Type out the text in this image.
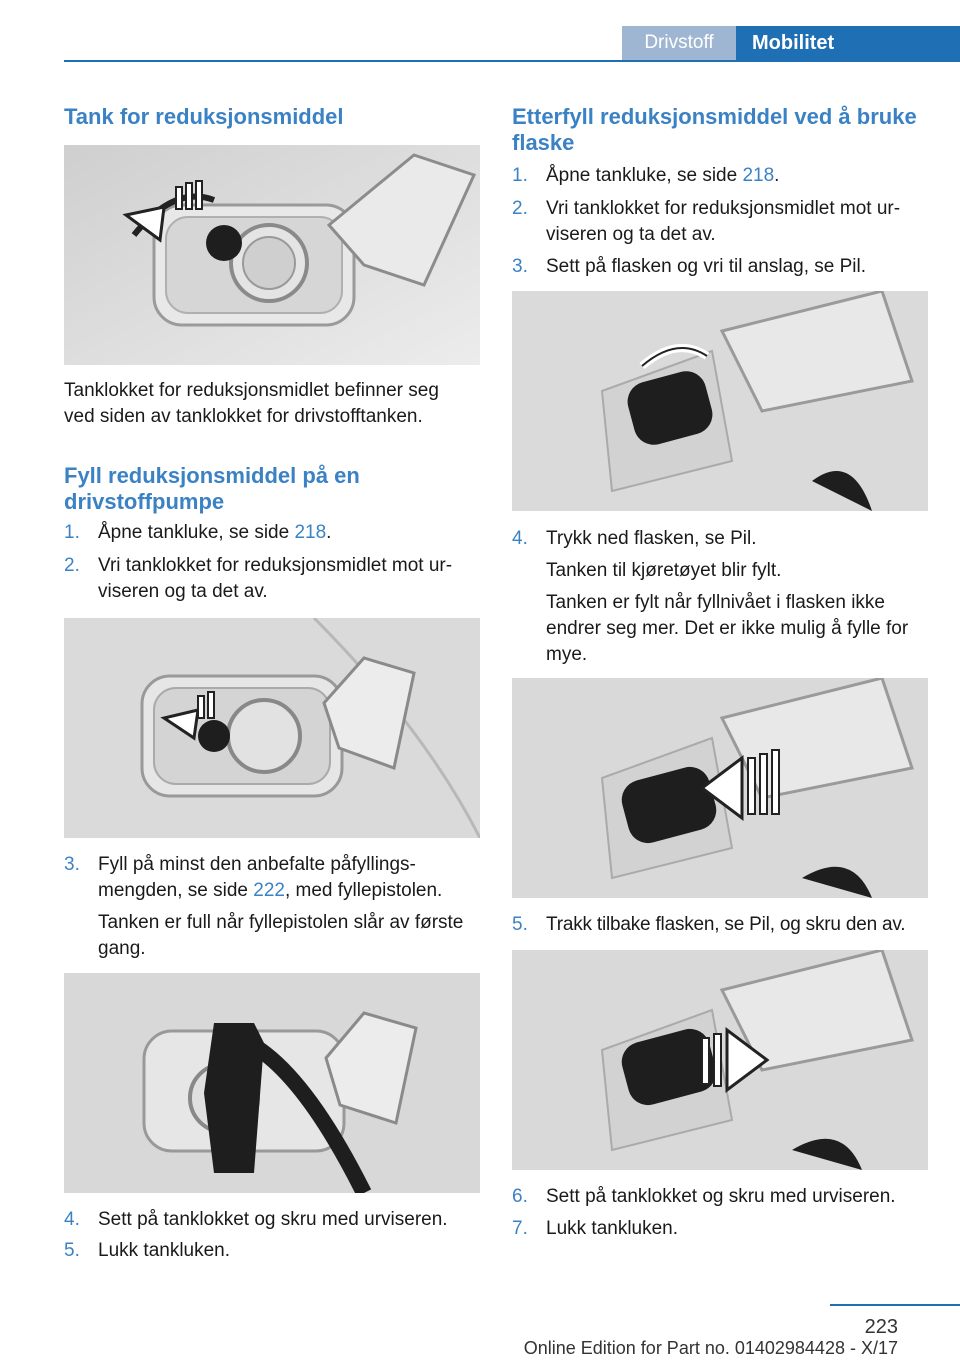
Drivstoff	Mobilitet
Tank for reduksjonsmiddel
Tanklokket for reduksjonsmidlet befinner seg
ved siden av tanklokket for drivstofftanken.
Fyll reduksjonsmiddel på en
drivstoffpumpe
1. Åpne tankluke, se side 218.
2. Vri tanklokket for reduksjonsmidlet mot ur-
viseren og ta det av.
3. Fyll på minst den anbefalte påfyllings-
mengden, se side 222, med fyllepistolen.
Tanken er full når fyllepistolen slår av første
gang.
4. Sett på tanklokket og skru med urviseren.
5. Lukk tankluken.
Etterfyll reduksjonsmiddel ved å bruke
flaske
1. Åpne tankluke, se side 218.
2. Vri tanklokket for reduksjonsmidlet mot ur-
viseren og ta det av.
3. Sett på flasken og vri til anslag, se Pil.
4. Trykk ned flasken, se Pil.
Tanken til kjøretøyet blir fylt.
Tanken er fylt når fyllnivået i flasken ikke
endrer seg mer. Det er ikke mulig å fylle for
mye.
5. Trakk tilbake flasken, se Pil, og skru den av.
6. Sett på tanklokket og skru med urviseren.
7. Lukk tankluken.
223
Online Edition for Part no. 01402984428 - X/17
